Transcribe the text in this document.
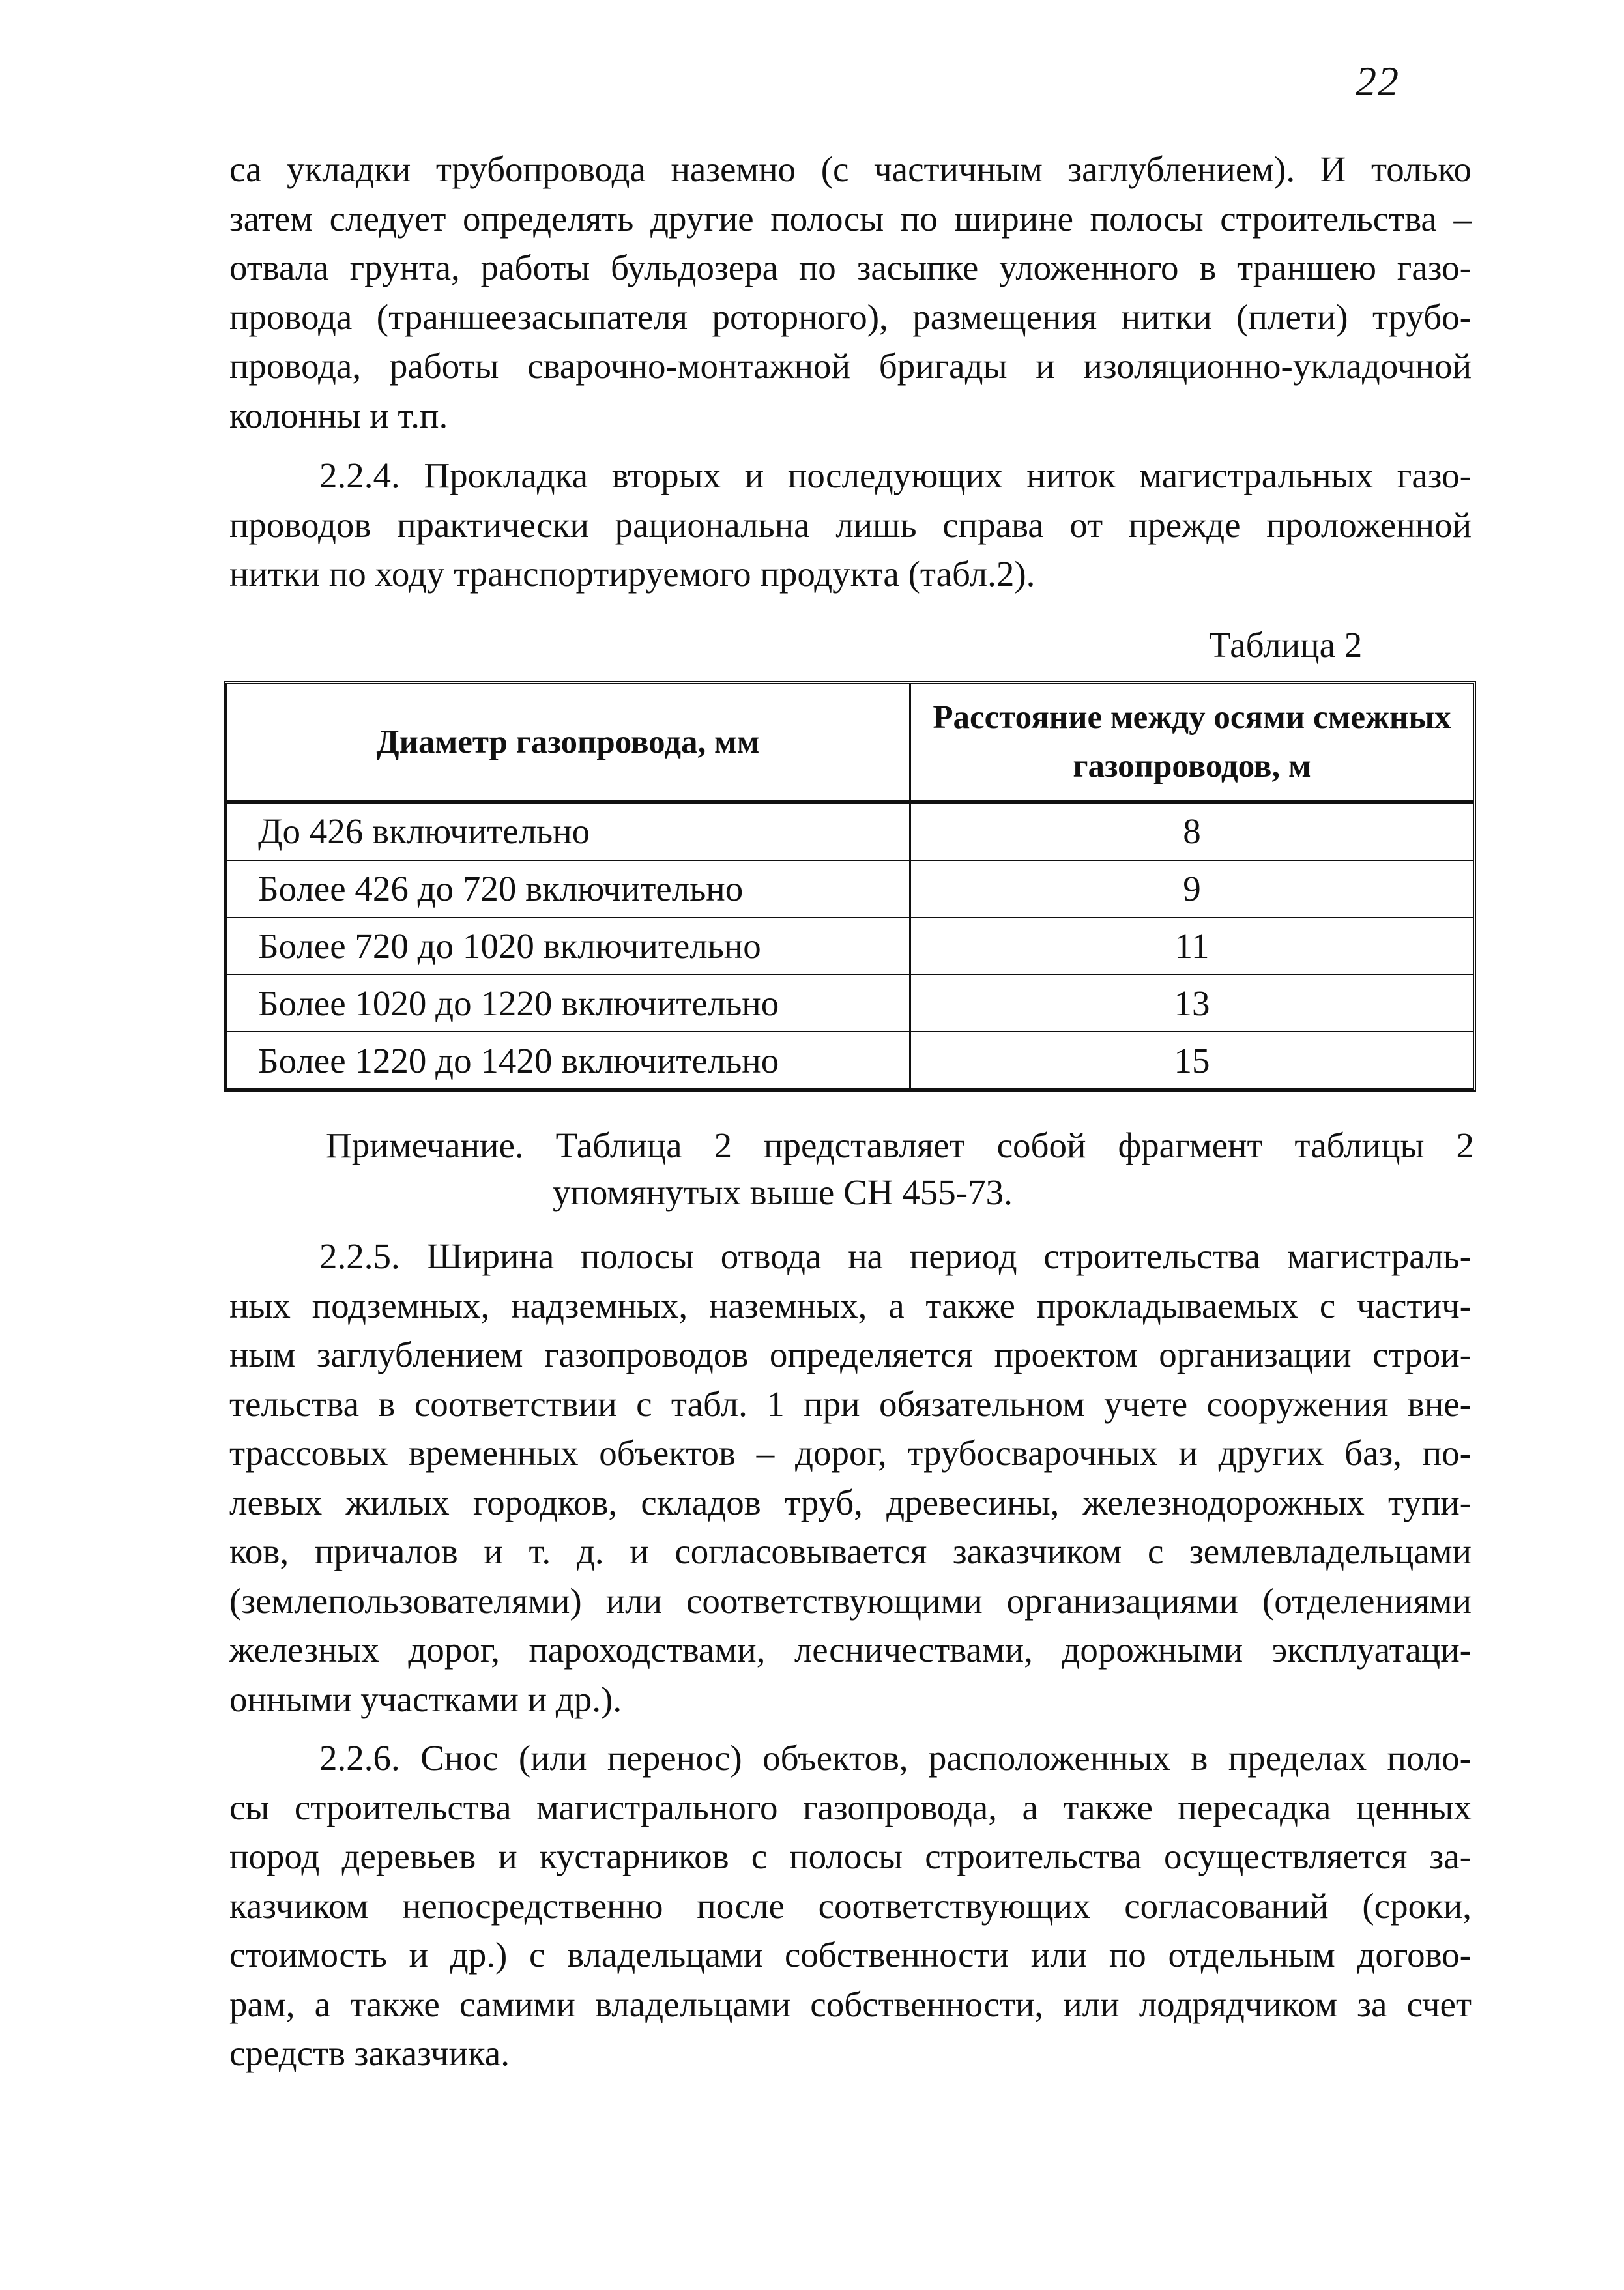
22
са укладки трубопровода наземно (с частичным заглублением). И только
затем следует определять другие полосы по ширине полосы строительства –
отвала грунта, работы бульдозера по засыпке уложенного в траншею газо-
провода (траншеезасыпателя роторного), размещения нитки (плети) трубо-
провода, работы сварочно-монтажной бригады и изоляционно-укладочной
колонны и т.п.
2.2.4. Прокладка вторых и последующих ниток магистральных газо-
проводов практически рациональна лишь справа от прежде проложенной
нитки по ходу транспортируемого продукта (табл.2).
Таблица 2
Диаметр газопровода, мм	Расстояние между осями смежных газопроводов, м
До 426 включительно	8
Более 426 до 720 включительно	9
Более 720 до 1020 включительно	11
Более 1020 до 1220 включительно	13
Более 1220 до 1420 включительно	15
Примечание. Таблица 2 представляет собой фрагмент таблицы 2
упомянутых выше СН 455-73.
2.2.5. Ширина полосы отвода на период строительства магистраль-
ных подземных, надземных, наземных, а также прокладываемых с частич-
ным заглублением газопроводов определяется проектом организации строи-
тельства в соответствии с табл. 1 при обязательном учете сооружения вне-
трассовых временных объектов – дорог, трубосварочных и других баз, по-
левых жилых городков, складов труб, древесины, железнодорожных тупи-
ков, причалов и т. д. и согласовывается заказчиком с землевладельцами
(землепользователями) или соответствующими организациями (отделениями
железных дорог, пароходствами, лесничествами, дорожными эксплуатаци-
онными участками и др.).
2.2.6. Снос (или перенос) объектов, расположенных в пределах поло-
сы строительства магистрального газопровода, а также пересадка ценных
пород деревьев и кустарников с полосы строительства осуществляется за-
казчиком непосредственно после соответствующих согласований (сроки,
стоимость и др.) с владельцами собственности или по отдельным догово-
рам, а также самими владельцами собственности, или лодрядчиком за счет
средств заказчика.
